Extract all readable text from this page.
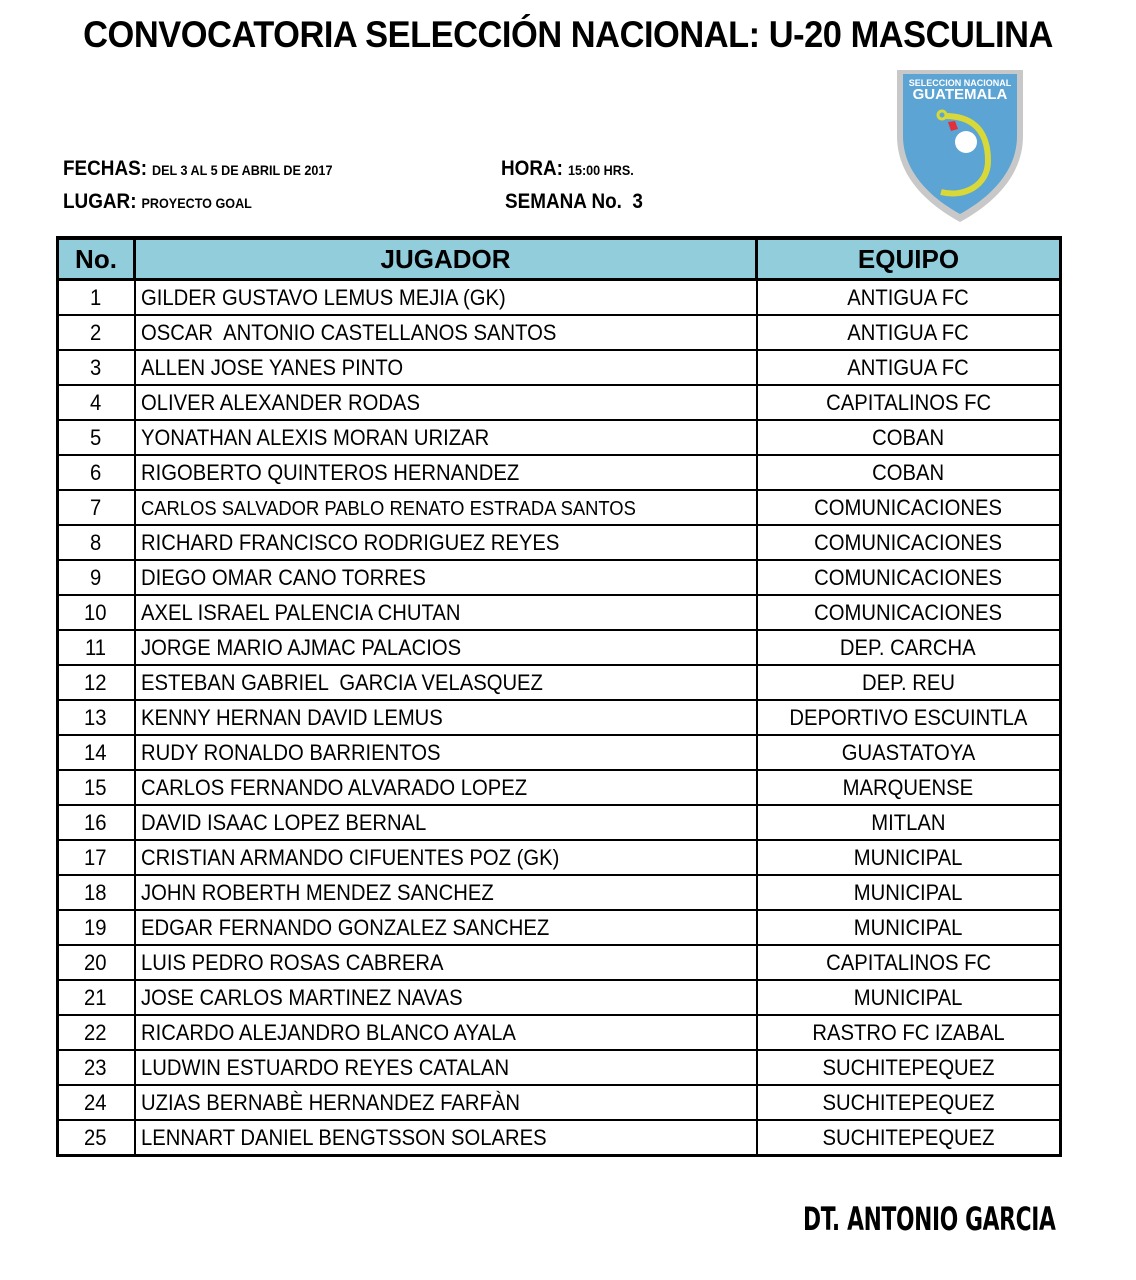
CONVOCATORIA SELECCIÓN NACIONAL: U-20 MASCULINA
SELECCION NACIONAL
GUATEMALA
FECHAS: DEL 3 AL 5 DE ABRIL DE 2017
LUGAR: PROYECTO GOAL
HORA: 15:00 HRS.
SEMANA No.  3
No.	JUGADOR	EQUIPO
1	GILDER GUSTAVO LEMUS MEJIA (GK)	ANTIGUA FC
2	OSCAR  ANTONIO CASTELLANOS SANTOS	ANTIGUA FC
3	ALLEN JOSE YANES PINTO	ANTIGUA FC
4	OLIVER ALEXANDER RODAS	CAPITALINOS FC
5	YONATHAN ALEXIS MORAN URIZAR	COBAN
6	RIGOBERTO QUINTEROS HERNANDEZ	COBAN
7	CARLOS SALVADOR PABLO RENATO ESTRADA SANTOS	COMUNICACIONES
8	RICHARD FRANCISCO RODRIGUEZ REYES	COMUNICACIONES
9	DIEGO OMAR CANO TORRES	COMUNICACIONES
10	AXEL ISRAEL PALENCIA CHUTAN	COMUNICACIONES
11	JORGE MARIO AJMAC PALACIOS	DEP. CARCHA
12	ESTEBAN GABRIEL  GARCIA VELASQUEZ	DEP. REU
13	KENNY HERNAN DAVID LEMUS	DEPORTIVO ESCUINTLA
14	RUDY RONALDO BARRIENTOS	GUASTATOYA
15	CARLOS FERNANDO ALVARADO LOPEZ	MARQUENSE
16	DAVID ISAAC LOPEZ BERNAL	MITLAN
17	CRISTIAN ARMANDO CIFUENTES POZ (GK)	MUNICIPAL
18	JOHN ROBERTH MENDEZ SANCHEZ	MUNICIPAL
19	EDGAR FERNANDO GONZALEZ SANCHEZ	MUNICIPAL
20	LUIS PEDRO ROSAS CABRERA	CAPITALINOS FC
21	JOSE CARLOS MARTINEZ NAVAS	MUNICIPAL
22	RICARDO ALEJANDRO BLANCO AYALA	RASTRO FC IZABAL
23	LUDWIN ESTUARDO REYES CATALAN	SUCHITEPEQUEZ
24	UZIAS BERNABÈ HERNANDEZ FARFÀN	SUCHITEPEQUEZ
25	LENNART DANIEL BENGTSSON SOLARES	SUCHITEPEQUEZ
DT. ANTONIO GARCIA
